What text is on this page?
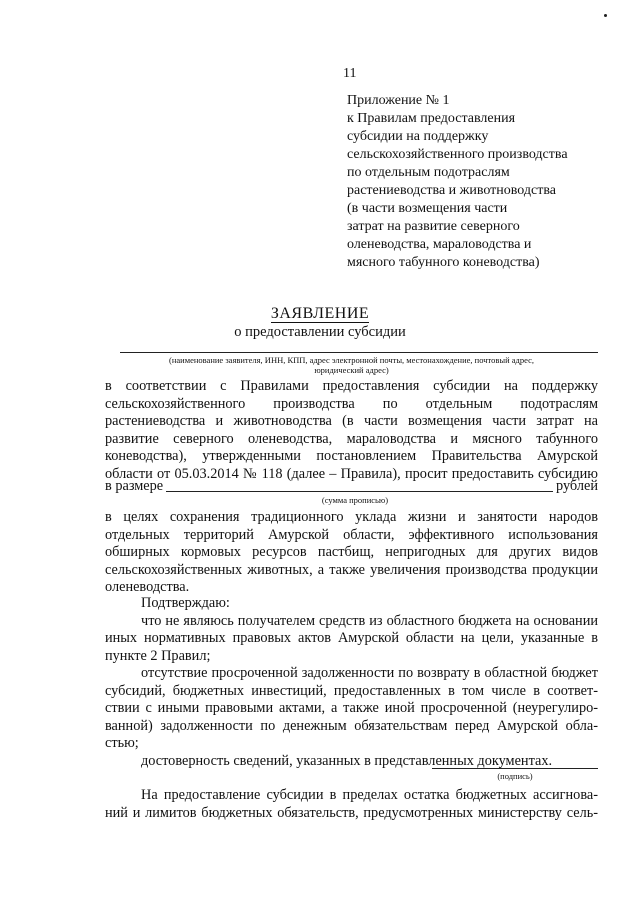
11
Приложение № 1
к Правилам предоставления
субсидии на поддержку
сельскохозяйственного производства
по отдельным подотраслям
растениеводства и животноводства
(в части возмещения части
затрат на развитие северного
оленеводства, мараловодства и
мясного табунного коневодства)
ЗАЯВЛЕНИЕ
о предоставлении субсидии
(наименование заявителя, ИНН, КПП, адрес электронной почты, местонахождение, почтовый адрес,
юридический адрес)
в соответствии с Правилами предоставления субсидии на поддержку
сельскохозяйственного производства по отдельным подотраслям
растениеводства и животноводства (в части возмещения части затрат на
развитие северного оленеводства, мараловодства и мясного табунного
коневодства), утвержденными постановлением Правительства Амурской
области от 05.03.2014 № 118 (далее – Правила), просит предоставить субсидию
в размере	рублей
(сумма прописью)
в целях сохранения традиционного уклада жизни и занятости народов
отдельных территорий Амурской области, эффективного использования
обширных кормовых ресурсов пастбищ, непригодных для других видов
сельскохозяйственных животных, а также увеличения производства продукции
оленеводства.
Подтверждаю:
что не являюсь получателем средств из областного бюджета на основании
иных нормативных правовых актов Амурской области на цели, указанные в
пункте 2 Правил;
отсутствие просроченной задолженности по возврату в областной бюджет
субсидий, бюджетных инвестиций, предоставленных в том числе в соответ-
ствии с иными правовыми актами, а также иной просроченной (неурегулиро-
ванной) задолженности по денежным обязательствам перед Амурской обла-
стью;
достоверность сведений, указанных в представленных документах.
(подпись)
На предоставление субсидии в пределах остатка бюджетных ассигнова-
ний и лимитов бюджетных обязательств, предусмотренных министерству сель-
